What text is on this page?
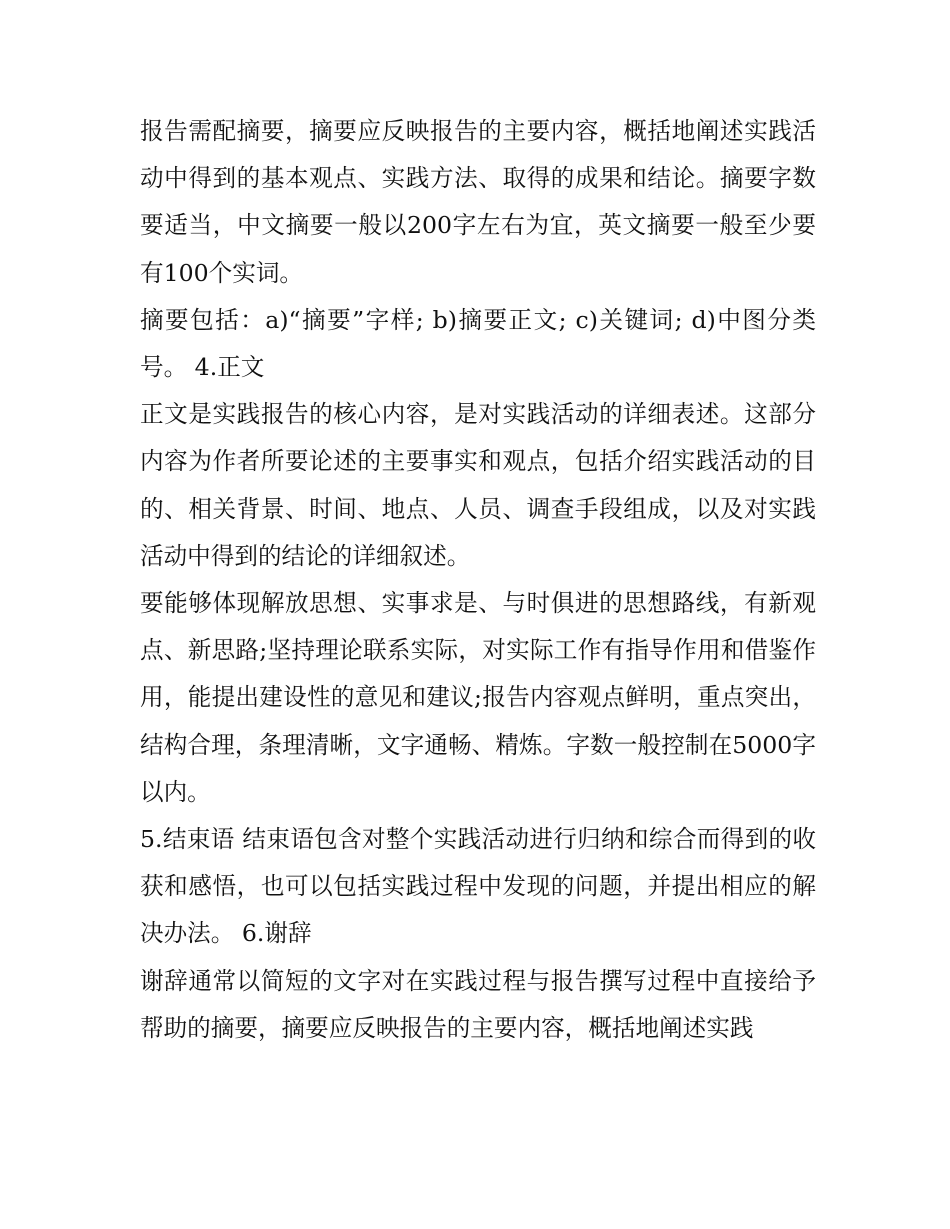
报告需配摘要，摘要应反映报告的主要内容，概括地阐述实践活动中得到的基本观点、实践方法、取得的成果和结论。摘要字数要适当，中文摘要一般以200字左右为宜，英文摘要一般至少要有100个实词。

摘要包括：a)“摘要”字样; b)摘要正文; c)关键词; d)中图分类号。 4.正文

正文是实践报告的核心内容，是对实践活动的详细表述。这部分内容为作者所要论述的主要事实和观点，包括介绍实践活动的目的、相关背景、时间、地点、人员、调查手段组成，以及对实践活动中得到的结论的详细叙述。

要能够体现解放思想、实事求是、与时俱进的思想路线，有新观点、新思路;坚持理论联系实际，对实际工作有指导作用和借鉴作用，能提出建设性的意见和建议;报告内容观点鲜明，重点突出，结构合理，条理清晰，文字通畅、精炼。字数一般控制在5000字以内。

5.结束语 结束语包含对整个实践活动进行归纳和综合而得到的收获和感悟，也可以包括实践过程中发现的问题，并提出相应的解决办法。 6.谢辞

谢辞通常以简短的文字对在实践过程与报告撰写过程中直接给予帮助的摘要，摘要应反映报告的主要内容，概括地阐述实践
